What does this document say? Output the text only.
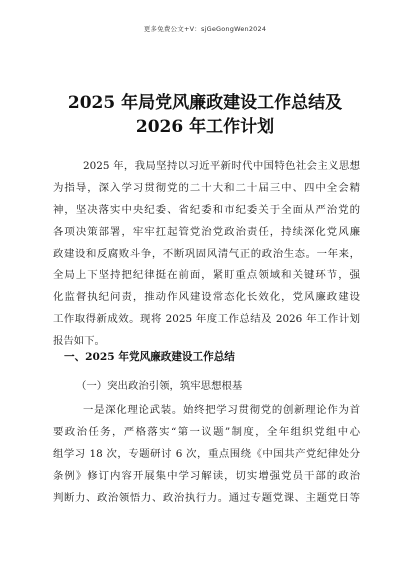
更多免费公文+V：sjGeGongWen2024
2025 年局党风廉政建设工作总结及
2026 年工作计划
2025 年，我局坚持以习近平新时代中国特色社会主义思想
为指导，深入学习贯彻党的二十大和二十届三中、四中全会精
神，坚决落实中央纪委、省纪委和市纪委关于全面从严治党的
各项决策部署，牢牢扛起管党治党政治责任，持续深化党风廉
政建设和反腐败斗争，不断巩固风清气正的政治生态。一年来，
全局上下坚持把纪律挺在前面，紧盯重点领域和关键环节，强
化监督执纪问责，推动作风建设常态化长效化，党风廉政建设
工作取得新成效。现将 2025 年度工作总结及 2026 年工作计划
报告如下。
一、2025 年党风廉政建设工作总结
（一）突出政治引领，筑牢思想根基
一是深化理论武装。始终把学习贯彻党的创新理论作为首
要政治任务，严格落实“第一议题”制度，全年组织党组中心
组学习 18 次，专题研讨 6 次，重点围绕《中国共产党纪律处分
条例》修订内容开展集中学习解读，切实增强党员干部的政治
判断力、政治领悟力、政治执行力。通过专题党课、主题党日等
